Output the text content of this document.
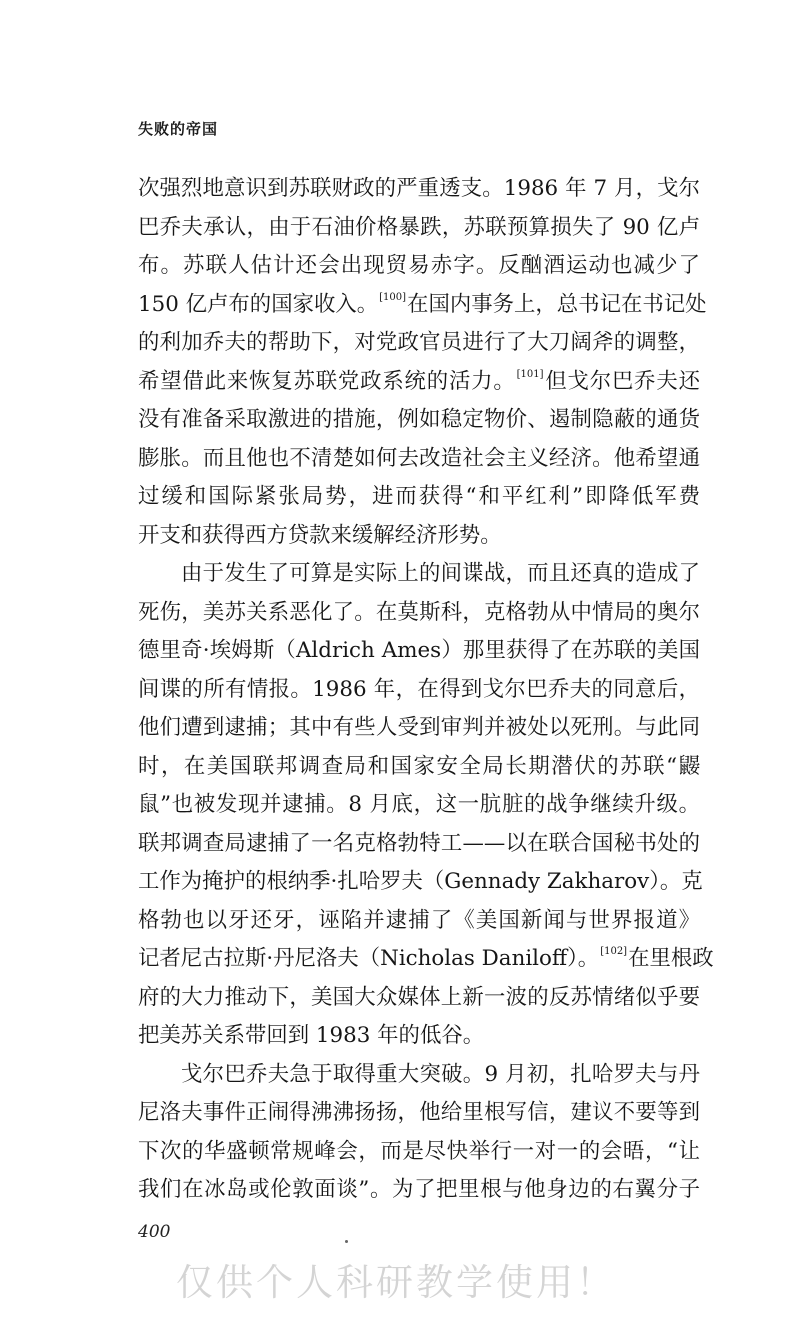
失败的帝国
次强烈地意识到苏联财政的严重透支。1986 年 7 月，戈尔
巴乔夫承认，由于石油价格暴跌，苏联预算损失了 90 亿卢
布。苏联人估计还会出现贸易赤字。反酗酒运动也减少了
150 亿卢布的国家收入。[100]在国内事务上，总书记在书记处
的利加乔夫的帮助下，对党政官员进行了大刀阔斧的调整，
希望借此来恢复苏联党政系统的活力。[101]但戈尔巴乔夫还
没有准备采取激进的措施，例如稳定物价、遏制隐蔽的通货
膨胀。而且他也不清楚如何去改造社会主义经济。他希望通
过缓和国际紧张局势，进而获得“和平红利”即降低军费
开支和获得西方贷款来缓解经济形势。
由于发生了可算是实际上的间谍战，而且还真的造成了
死伤，美苏关系恶化了。在莫斯科，克格勃从中情局的奥尔
德里奇·埃姆斯（Aldrich Ames）那里获得了在苏联的美国
间谍的所有情报。1986 年，在得到戈尔巴乔夫的同意后，
他们遭到逮捕；其中有些人受到审判并被处以死刑。与此同
时，在美国联邦调查局和国家安全局长期潜伏的苏联“鼹
鼠”也被发现并逮捕。8 月底，这一肮脏的战争继续升级。
联邦调查局逮捕了一名克格勃特工——以在联合国秘书处的
工作为掩护的根纳季·扎哈罗夫（Gennady Zakharov）。克
格勃也以牙还牙，诬陷并逮捕了《美国新闻与世界报道》
记者尼古拉斯·丹尼洛夫（Nicholas Daniloff）。[102]在里根政
府的大力推动下，美国大众媒体上新一波的反苏情绪似乎要
把美苏关系带回到 1983 年的低谷。
戈尔巴乔夫急于取得重大突破。9 月初，扎哈罗夫与丹
尼洛夫事件正闹得沸沸扬扬，他给里根写信，建议不要等到
下次的华盛顿常规峰会，而是尽快举行一对一的会晤，“让
我们在冰岛或伦敦面谈”。为了把里根与他身边的右翼分子
400
仅供个人科研教学使用！
